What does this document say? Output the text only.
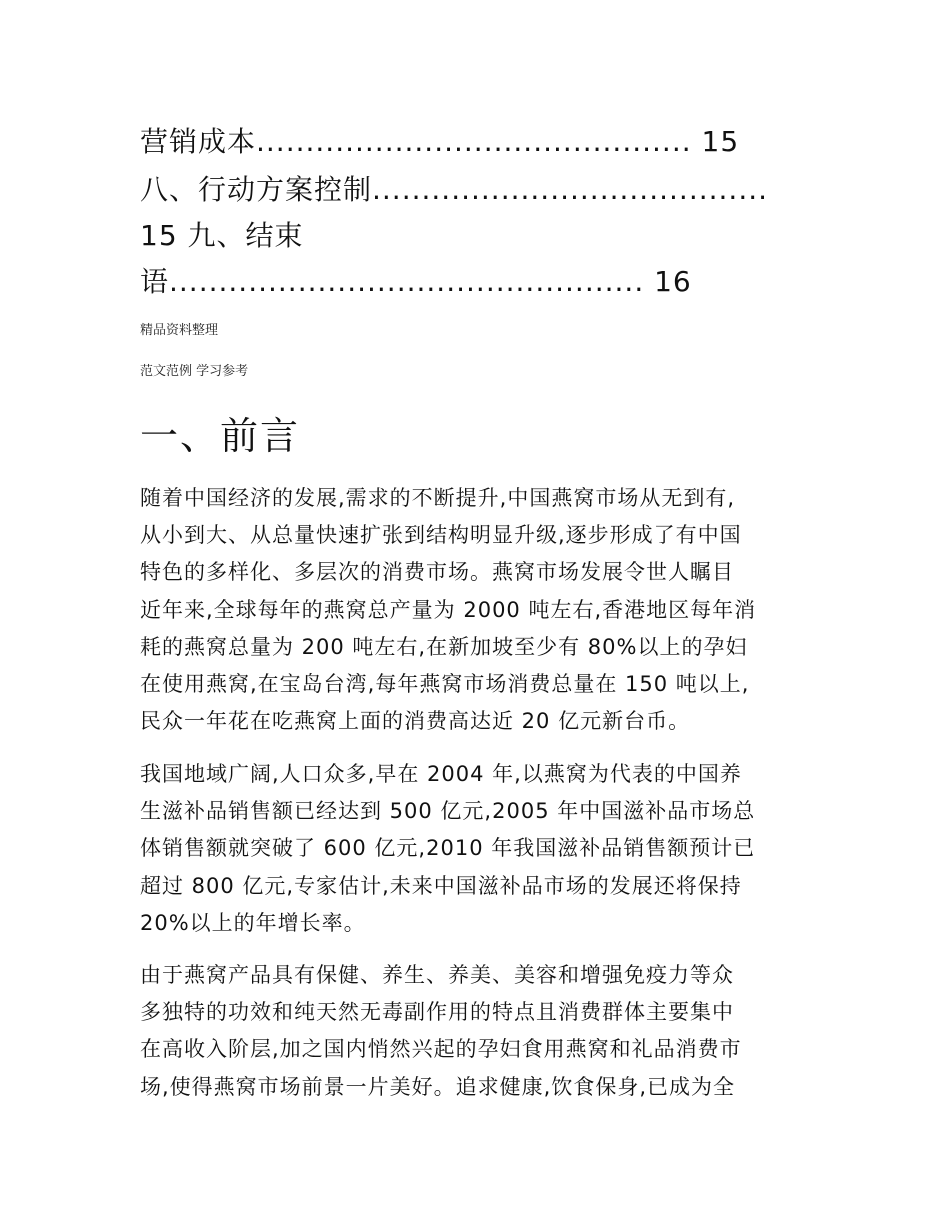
营销成本............................................ 15
八、行动方案控制........................................
15 九、结束
语................................................ 16
精品资料整理
范文范例 学习参考
一、前言

随着中国经济的发展,需求的不断提升,中国燕窝市场从无到有,
从小到大、从总量快速扩张到结构明显升级,逐步形成了有中国
特色的多样化、多层次的消费市场。燕窝市场发展令世人瞩目
近年来,全球每年的燕窝总产量为 2000 吨左右,香港地区每年消
耗的燕窝总量为 200 吨左右,在新加坡至少有 80%以上的孕妇
在使用燕窝,在宝岛台湾,每年燕窝市场消费总量在 150 吨以上,
民众一年花在吃燕窝上面的消费高达近 20 亿元新台币。

我国地域广阔,人口众多,早在 2004 年,以燕窝为代表的中国养
生滋补品销售额已经达到 500 亿元,2005 年中国滋补品市场总
体销售额就突破了 600 亿元,2010 年我国滋补品销售额预计已
超过 800 亿元,专家估计,未来中国滋补品市场的发展还将保持
20%以上的年增长率。

由于燕窝产品具有保健、养生、养美、美容和增强免疫力等众
多独特的功效和纯天然无毒副作用的特点且消费群体主要集中
在高收入阶层,加之国内悄然兴起的孕妇食用燕窝和礼品消费市
场,使得燕窝市场前景一片美好。追求健康,饮食保身,已成为全
